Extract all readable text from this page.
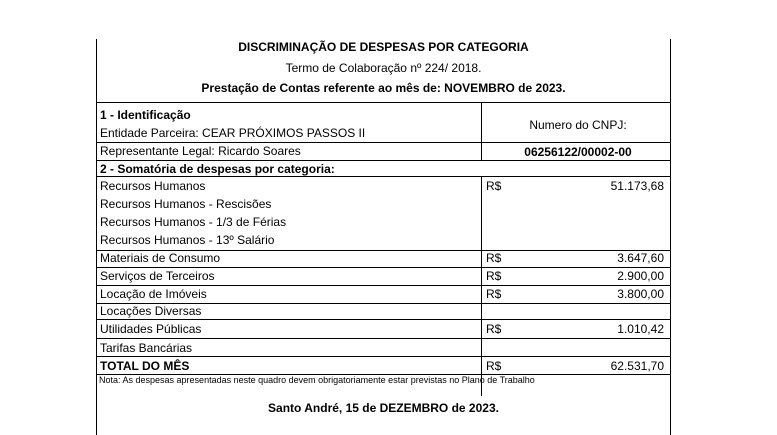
DISCRIMINAÇÃO DE DESPESAS POR CATEGORIA
Termo de Colaboração nº 224/ 2018.
Prestação de Contas referente ao mês de: NOVEMBRO de 2023.
1 - Identificação
Entidade Parceira: CEAR PRÓXIMOS PASSOS II
Numero do CNPJ:
Representante Legal: Ricardo Soares	06256122/00002-00
2 - Somatória de despesas por categoria:
Recursos Humanos	R$	51.173,68
Recursos Humanos - Rescisões
Recursos Humanos - 1/3 de Férias
Recursos Humanos - 13º Salário
Materiais de Consumo	R$	3.647,60
Serviços de Terceiros	R$	2.900,00
Locação de Imóveis	R$	3.800,00
Locações Diversas
Utilidades Públicas	R$	1.010,42
Tarifas Bancárias
TOTAL DO MÊS	R$	62.531,70
Nota: As despesas apresentadas neste quadro devem obrigatoriamente estar previstas no Plano de Trabalho
Santo André, 15 de DEZEMBRO de 2023.
